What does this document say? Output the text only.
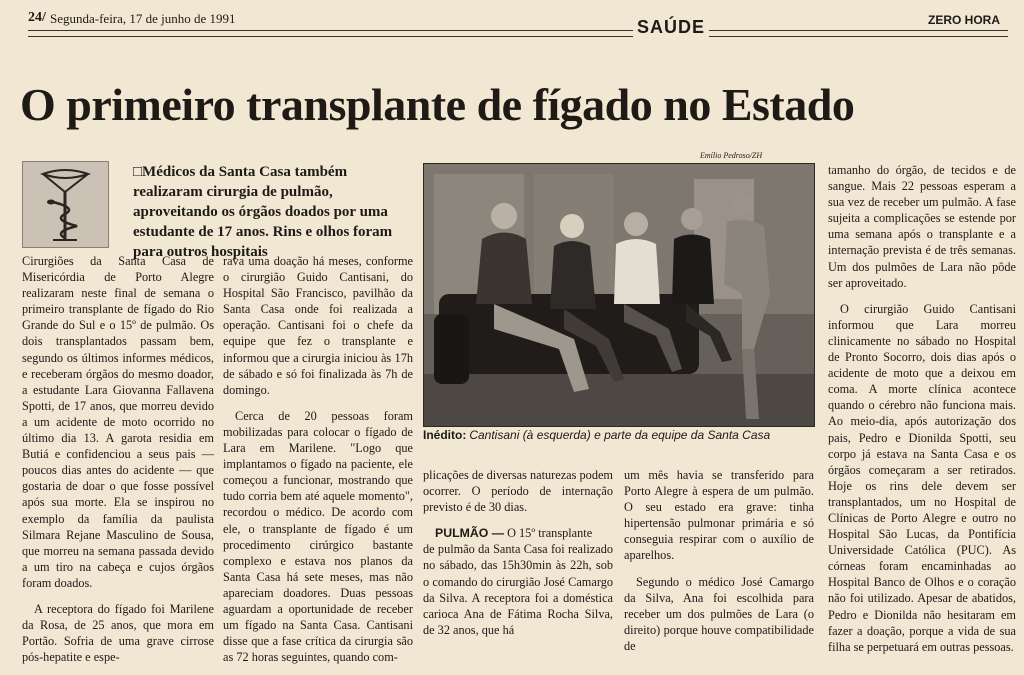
24/ Segunda-feira, 17 de junho de 1991	SAÚDE	ZERO HORA
O primeiro transplante de fígado no Estado
□Médicos da Santa Casa também realizaram cirurgia de pulmão, aproveitando os órgãos doados por uma estudante de 17 anos. Rins e olhos foram para outros hospitais

Cirurgiões da Santa Casa de Misericórdia de Porto Alegre realizaram neste final de semana o primeiro transplante de fígado do Rio Grande do Sul e o 15º de pulmão. Os dois transplantados passam bem, segundo os últimos informes médicos, e receberam órgãos do mesmo doador, a estudante Lara Giovanna Fallavena Spotti, de 17 anos, que morreu devido a um acidente de moto ocorrido no último dia 13. A garota residia em Butiá e confidenciou a seus pais — poucos dias antes do acidente — que gostaria de doar o que fosse possível após sua morte. Ela se inspirou no exemplo da família da paulista Silmara Rejane Masculino de Sousa, que morreu na semana passada devido a um tiro na cabeça e cujos órgãos foram doados.

A receptora do fígado foi Marilene da Rosa, de 25 anos, que mora em Portão. Sofria de uma grave cirrose pós-hepatite e espe-

rava uma doação há meses, conforme o cirurgião Guido Cantisani, do Hospital São Francisco, pavilhão da Santa Casa onde foi realizada a operação. Cantisani foi o chefe da equipe que fez o transplante e informou que a cirurgia iniciou às 17h de sábado e só foi finalizada às 7h de domingo.

Cerca de 20 pessoas foram mobilizadas para colocar o fígado de Lara em Marilene. "Logo que implantamos o fígado na paciente, ele começou a funcionar, mostrando que tudo corria bem até aquele momento", recordou o médico. De acordo com ele, o transplante de fígado é um procedimento cirúrgico bastante complexo e estava nos planos da Santa Casa há sete meses, mas não apareciam doadores. Duas pessoas aguardam a oportunidade de receber um fígado na Santa Casa. Cantisani disse que a fase crítica da cirurgia são as 72 horas seguintes, quando com-

Emílio Pedroso/ZH
Inédito: Cantisani (à esquerda) e parte da equipe da Santa Casa

plicações de diversas naturezas podem ocorrer. O período de internação previsto é de 30 dias.

PULMÃO — O 15º transplante

de pulmão da Santa Casa foi realizado no sábado, das 15h30min às 22h, sob o comando do cirurgião José Camargo da Silva. A receptora foi a doméstica carioca Ana de Fátima Rocha Silva, de 32 anos, que há

um mês havia se transferido para Porto Alegre à espera de um pulmão. O seu estado era grave: tinha hipertensão pulmonar primária e só conseguia respirar com o auxílio de aparelhos.

Segundo o médico José Camargo da Silva, Ana foi escolhida para receber um dos pulmões de Lara (o direito) porque houve compatibilidade de

tamanho do órgão, de tecidos e de sangue. Mais 22 pessoas esperam a sua vez de receber um pulmão. A fase sujeita a complicações se estende por uma semana após o transplante e a internação prevista é de três semanas. Um dos pulmões de Lara não pôde ser aproveitado.

O cirurgião Guido Cantisani informou que Lara morreu clinicamente no sábado no Hospital de Pronto Socorro, dois dias após o acidente de moto que a deixou em coma. A morte clínica acontece quando o cérebro não funciona mais. Ao meio-dia, após autorização dos pais, Pedro e Dionilda Spotti, seu corpo já estava na Santa Casa e os órgãos começaram a ser retirados. Hoje os rins dele devem ser transplantados, um no Hospital de Clínicas de Porto Alegre e outro no Hospital São Lucas, da Pontifícia Universidade Católica (PUC). As córneas foram encaminhadas ao Hospital Banco de Olhos e o coração não foi utilizado. Apesar de abatidos, Pedro e Dionilda não hesitaram em fazer a doação, porque a vida de sua filha se perpetuará em outras pessoas.
